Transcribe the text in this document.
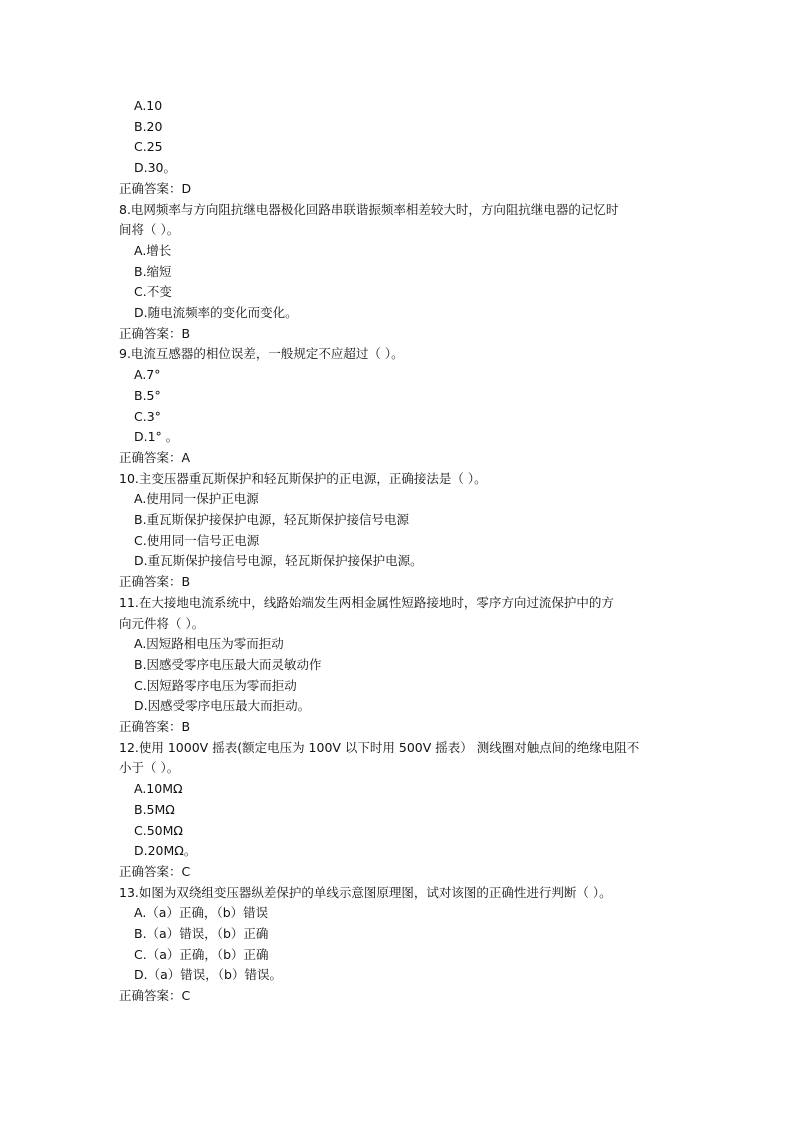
A.10
B.20
C.25
D.30。
正确答案：D
8.电网频率与方向阻抗继电器极化回路串联谐振频率相差较大时，方向阻抗继电器的记忆时
间将（ ）。
A.增长
B.缩短
C.不变
D.随电流频率的变化而变化。
正确答案：B
9.电流互感器的相位误差，一般规定不应超过（ ）。
A.7°
B.5°
C.3°
D.1° 。
正确答案：A
10.主变压器重瓦斯保护和轻瓦斯保护的正电源，正确接法是（ ）。
A.使用同一保护正电源
B.重瓦斯保护接保护电源，轻瓦斯保护接信号电源
C.使用同一信号正电源
D.重瓦斯保护接信号电源，轻瓦斯保护接保护电源。
正确答案：B
11.在大接地电流系统中，线路始端发生两相金属性短路接地时，零序方向过流保护中的方
向元件将（ ）。
A.因短路相电压为零而拒动
B.因感受零序电压最大而灵敏动作
C.因短路零序电压为零而拒动
D.因感受零序电压最大而拒动。
正确答案：B
12.使用 1000V 摇表(额定电压为 100V 以下时用 500V 摇表） 测线圈对触点间的绝缘电阻不
小于（ ）。
A.10MΩ
B.5MΩ
C.50MΩ
D.20MΩ。
正确答案：C
13.如图为双绕组变压器纵差保护的单线示意图原理图，试对该图的正确性进行判断（ ）。
A.（a）正确，（b）错误
B.（a）错误，（b）正确
C.（a）正确，（b）正确
D.（a）错误，（b）错误。
正确答案：C
